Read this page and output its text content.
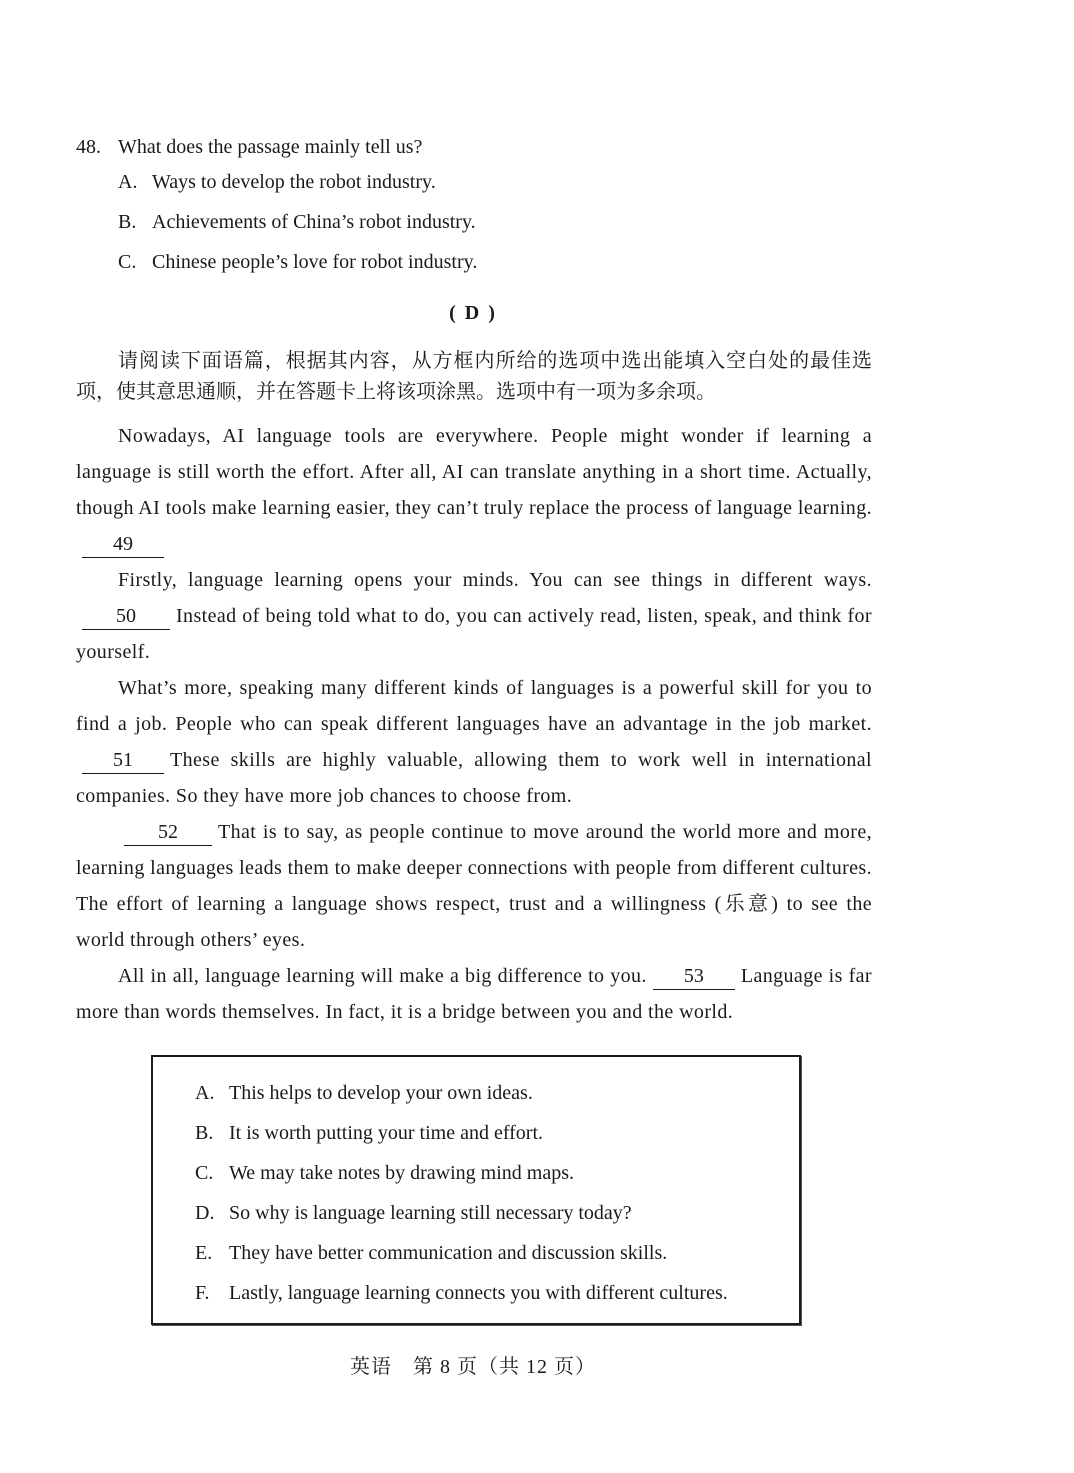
48. What does the passage mainly tell us?
A. Ways to develop the robot industry.
B. Achievements of China’s robot industry.
C. Chinese people’s love for robot industry.
( D )
请阅读下面语篇，根据其内容，从方框内所给的选项中选出能填入空白处的最佳选项，使其意思通顺，并在答题卡上将该项涂黑。选项中有一项为多余项。

Nowadays, AI language tools are everywhere. People might wonder if learning a language is still worth the effort. After all, AI can translate anything in a short time. Actually, though AI tools make learning easier, they can’t truly replace the process of language learning.49

Firstly, language learning opens your minds. You can see things in different ways.50 Instead of being told what to do, you can actively read, listen, speak, and think for yourself.

What’s more, speaking many different kinds of languages is a powerful skill for you to find a job. People who can speak different languages have an advantage in the job market.51 These skills are highly valuable, allowing them to work well in international companies. So they have more job chances to choose from.

52 That is to say, as people continue to move around the world more and more, learning languages leads them to make deeper connections with people from different cultures. The effort of learning a language shows respect, trust and a willingness (乐意) to see the world through others’ eyes.

All in all, language learning will make a big difference to you. 53 Language is far more than words themselves. In fact, it is a bridge between you and the world.

A. This helps to develop your own ideas.
B. It is worth putting your time and effort.
C. We may take notes by drawing mind maps.
D. So why is language learning still necessary today?
E. They have better communication and discussion skills.
F. Lastly, language learning connects you with different cultures.
英语　第 8 页（共 12 页）
